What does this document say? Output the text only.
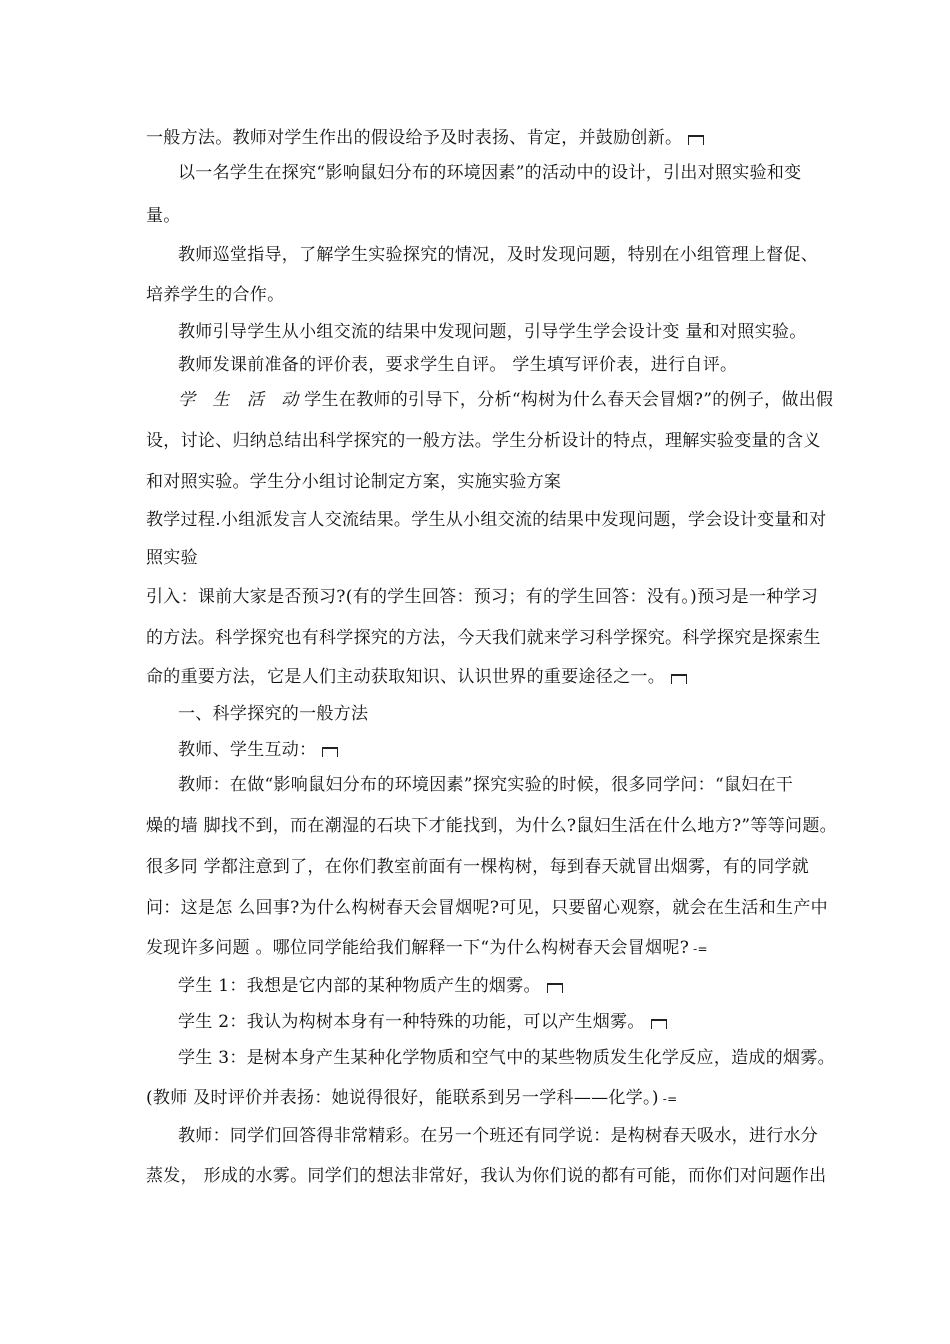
一般方法。教师对学生作出的假设给予及时表扬、肯定，并鼓励创新。
以一名学生在探究“影响鼠妇分布的环境因素”的活动中的设计，引出对照实验和变
量。
教师巡堂指导，了解学生实验探究的情况，及时发现问题，特别在小组管理上督促、
培养学生的合作。
教师引导学生从小组交流的结果中发现问题，引导学生学会设计变 量和对照实验。
教师发课前准备的评价表，要求学生自评。 学生填写评价表，进行自评。
学 生 活 动学生在教师的引导下，分析“构树为什么春天会冒烟?”的例子，做出假
设，讨论、归纳总结出科学探究的一般方法。学生分析设计的特点，理解实验变量的含义
和对照实验。学生分小组讨论制定方案，实施实验方案
教学过程.小组派发言人交流结果。学生从小组交流的结果中发现问题，学会设计变量和对
照实验
引入：课前大家是否预习?(有的学生回答：预习；有的学生回答：没有。)预习是一种学习
的方法。科学探究也有科学探究的方法，今天我们就来学习科学探究。科学探究是探索生
命的重要方法，它是人们主动获取知识、认识世界的重要途径之一。
一、科学探究的一般方法
教师、学生互动：
教师：在做“影响鼠妇分布的环境因素”探究实验的时候，很多同学问：“鼠妇在干
燥的墙 脚找不到，而在潮湿的石块下才能找到，为什么?鼠妇生活在什么地方?”等等问题。
很多同 学都注意到了，在你们教室前面有一棵构树，每到春天就冒出烟雾，有的同学就
问：这是怎 么回事?为什么构树春天会冒烟呢?可见，只要留心观察，就会在生活和生产中
发现许多问题 。哪位同学能给我们解释一下“为什么构树春天会冒烟呢? -=
学生 1：我想是它内部的某种物质产生的烟雾。
学生 2：我认为构树本身有一种特殊的功能，可以产生烟雾。
学生 3：是树本身产生某种化学物质和空气中的某些物质发生化学反应，造成的烟雾。
(教师 及时评价并表扬：她说得很好，能联系到另一学科——化学。) -=
教师：同学们回答得非常精彩。在另一个班还有同学说：是构树春天吸水，进行水分
蒸发， 形成的水雾。同学们的想法非常好，我认为你们说的都有可能，而你们对问题作出
